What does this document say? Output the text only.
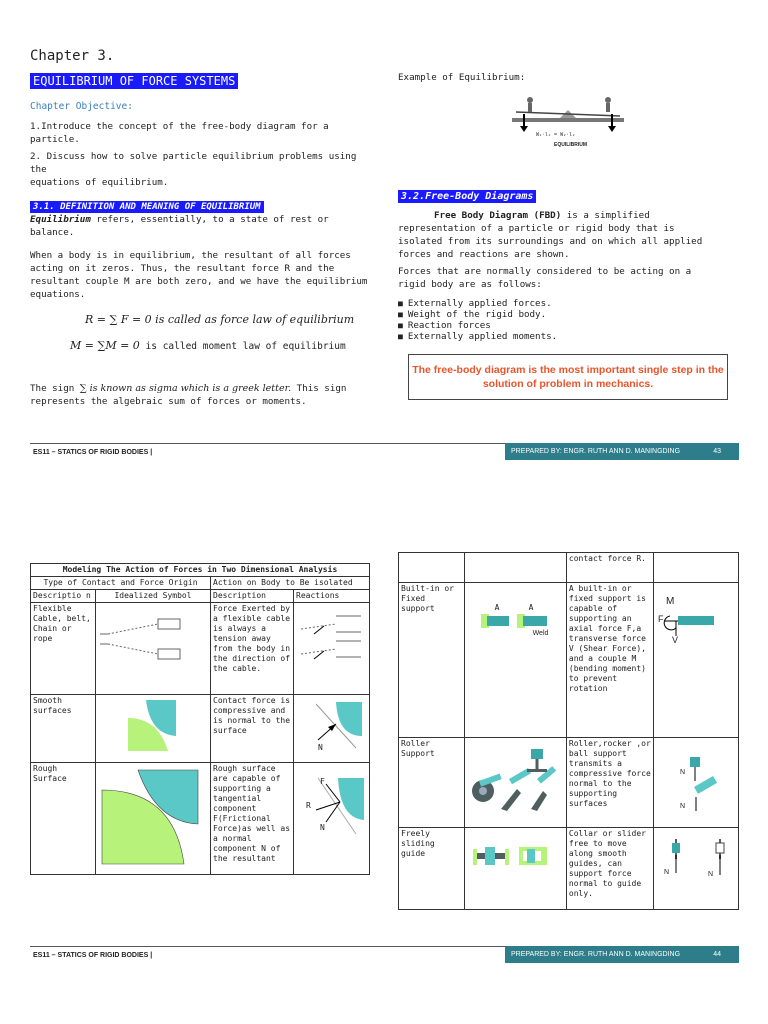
Chapter 3.
EQUILIBRIUM OF FORCE SYSTEMS
Chapter Objective:
1.Introduce the concept of the free-body diagram for a particle.
2. Discuss how to solve particle equilibrium problems using the
equations of equilibrium.
3.1. DEFINITION AND MEANING OF EQUILIBRIUM
Equilibrium refers, essentially, to a state of rest or balance.
When a body is in equilibrium, the resultant of all forces acting on it zeros. Thus, the resultant force R and the resultant couple M are both zero, and we have the equilibrium equations.
R = ∑ F = 0 is called as force law of equilibrium
M = ∑M = 0 is called moment law of equilibrium
The sign ∑ is known as sigma which is a greek letter. This sign represents the algebraic sum of forces or moments.
Example of Equilibrium:
W₁·l₁ = W₂·l₂
EQUILIBRIUM
3.2.Free-Body Diagrams
Free Body Diagram (FBD) is a simplified representation of a particle or rigid body that is isolated from its surroundings and on which all applied forces and reactions are shown.
Forces that are normally considered to be acting on a rigid body are as follows:
■ Externally applied forces.
■ Weight of the rigid body.
■ Reaction forces
■ Externally applied moments.
The free-body diagram is the most important single step in the solution of problem in mechanics.
ES11 – STATICS OF RIGID BODIES |	PREPARED BY: ENGR. RUTH ANN D. MANINGDING	43
Modeling The Action of Forces in Two Dimensional Analysis			
Type of Contact and Force Origin		Action on Body to Be isolated	
Descriptio n	Idealized Symbol	Description	Reactions
Flexible Cable, belt, Chain or rope		Force Exerted by a flexible cable is always a tension away from the body in the direction of the cable.	
Smooth surfaces		Contact force is compressive and is normal to the surface	N

Rough Surface		Rough surface are capable of supporting a tangential component F(Frictional Force)as well as a normal component N of the resultant	F
R
N
		contact force R.	
Built-in or Fixed support	A A
Weld	A built-in or fixed support is capable of supporting an axial force F,a transverse force V (Shear Force), and a couple M (bending moment) to prevent rotation	M
F
V

Roller Support		Roller,rocker ,or ball support transmits a compressive force normal to the supporting surfaces	N
N

Freely sliding guide		Collar or slider free to move along smooth guides, can support force normal to guide only.	N N
ES11 – STATICS OF RIGID BODIES |	PREPARED BY: ENGR. RUTH ANN D. MANINGDING	44
